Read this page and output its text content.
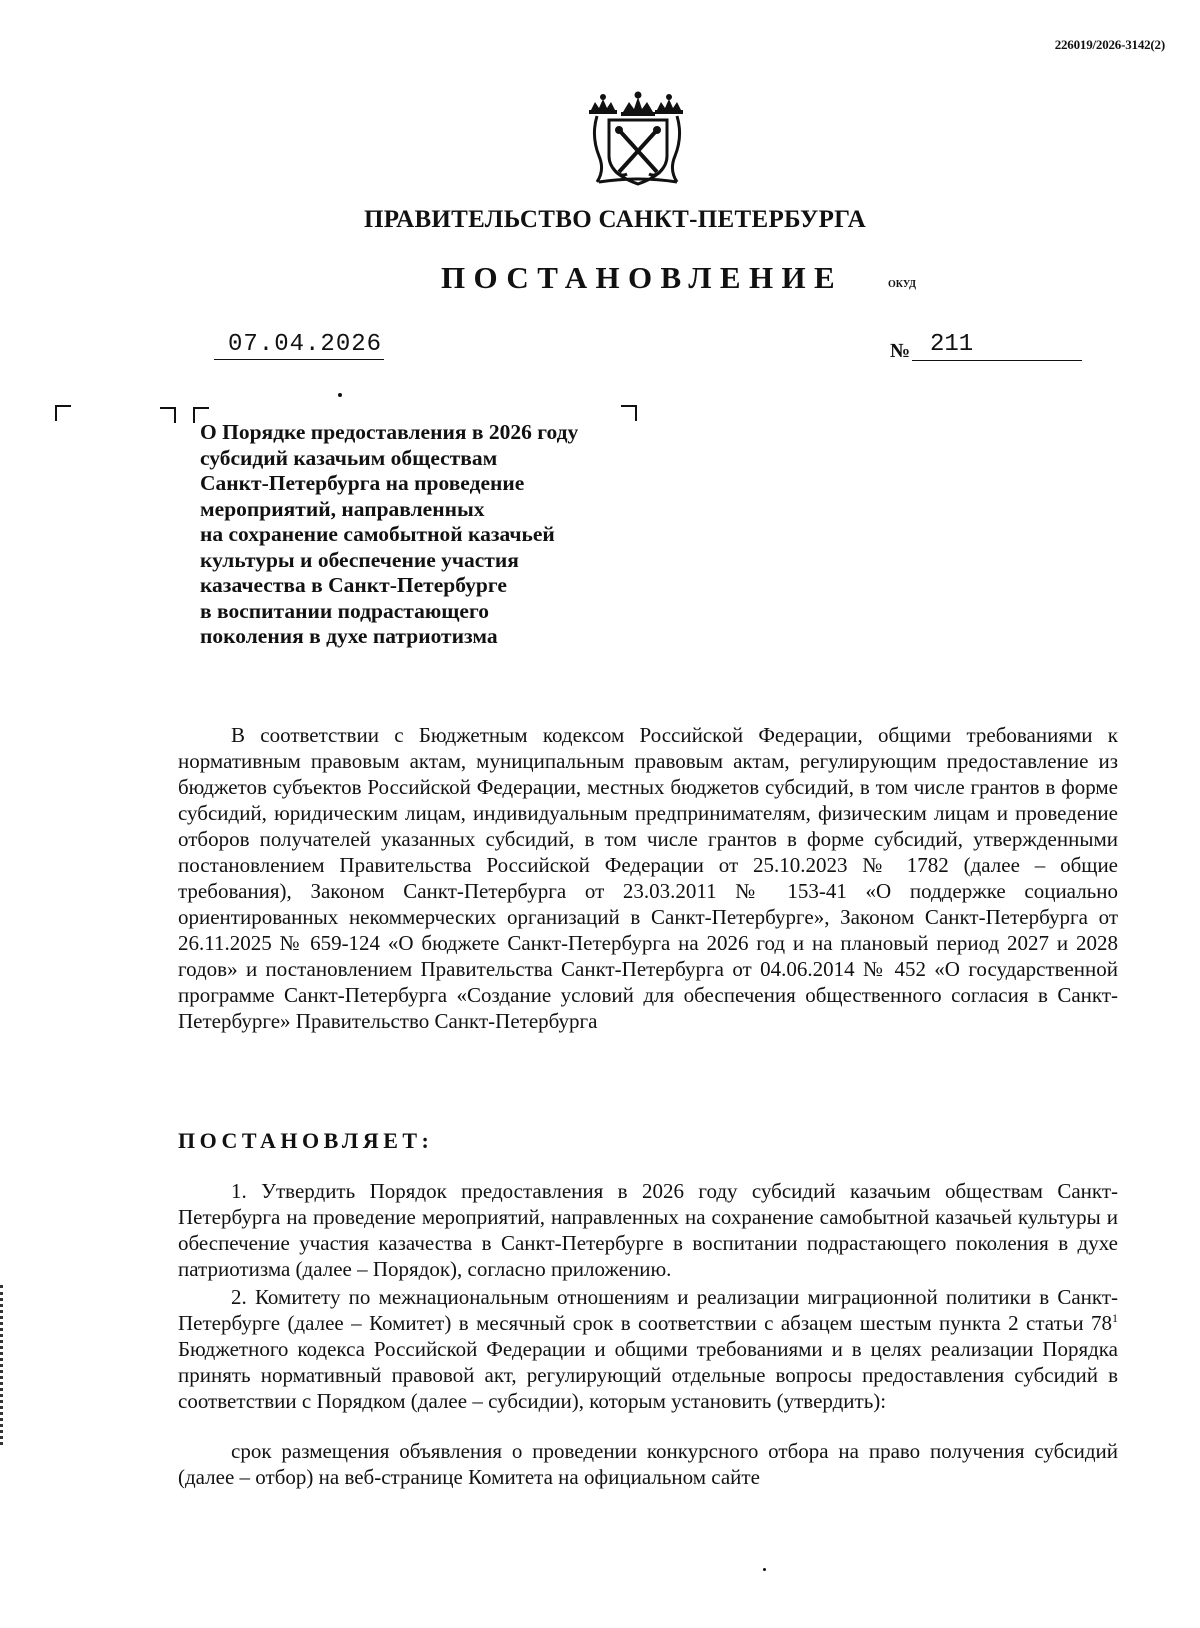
226019/2026-3142(2)
ПРАВИТЕЛЬСТВО САНКТ-ПЕТЕРБУРГА
ПОСТАНОВЛЕНИЕ	ОКУД
07.04.2026	№ 211
О Порядке предоставления в 2026 году
субсидий казачьим обществам
Санкт-Петербурга на проведение
мероприятий, направленных
на сохранение самобытной казачьей
культуры и обеспечение участия
казачества в Санкт-Петербурге
в воспитании подрастающего
поколения в духе патриотизма
В соответствии с Бюджетным кодексом Российской Федерации, общими требованиями к нормативным правовым актам, муниципальным правовым актам, регулирующим предоставление из бюджетов субъектов Российской Федерации, местных бюджетов субсидий, в том числе грантов в форме субсидий, юридическим лицам, индивидуальным предпринимателям, физическим лицам и проведение отборов получателей указанных субсидий, в том числе грантов в форме субсидий, утвержденными постановлением Правительства Российской Федерации от 25.10.2023 № 1782 (далее – общие требования), Законом Санкт-Петербурга от 23.03.2011 № 153-41 «О поддержке социально ориентированных некоммерческих организаций в Санкт-Петербурге», Законом Санкт-Петербурга от 26.11.2025 № 659-124 «О бюджете Санкт-Петербурга на 2026 год и на плановый период 2027 и 2028 годов» и постановлением Правительства Санкт-Петербурга от 04.06.2014 № 452 «О государственной программе Санкт-Петербурга «Создание условий для обеспечения общественного согласия в Санкт-Петербурге» Правительство Санкт-Петербурга
ПОСТАНОВЛЯЕТ:
1. Утвердить Порядок предоставления в 2026 году субсидий казачьим обществам Санкт-Петербурга на проведение мероприятий, направленных на сохранение самобытной казачьей культуры и обеспечение участия казачества в Санкт-Петербурге в воспитании подрастающего поколения в духе патриотизма (далее – Порядок), согласно приложению.
2. Комитету по межнациональным отношениям и реализации миграционной политики в Санкт-Петербурге (далее – Комитет) в месячный срок в соответствии с абзацем шестым пункта 2 статьи $78^1$ Бюджетного кодекса Российской Федерации и общими требованиями и в целях реализации Порядка принять нормативный правовой акт, регулирующий отдельные вопросы предоставления субсидий в соответствии с Порядком (далее – субсидии), которым установить (утвердить):
срок размещения объявления о проведении конкурсного отбора на право получения субсидий (далее – отбор) на веб-странице Комитета на официальном сайте
